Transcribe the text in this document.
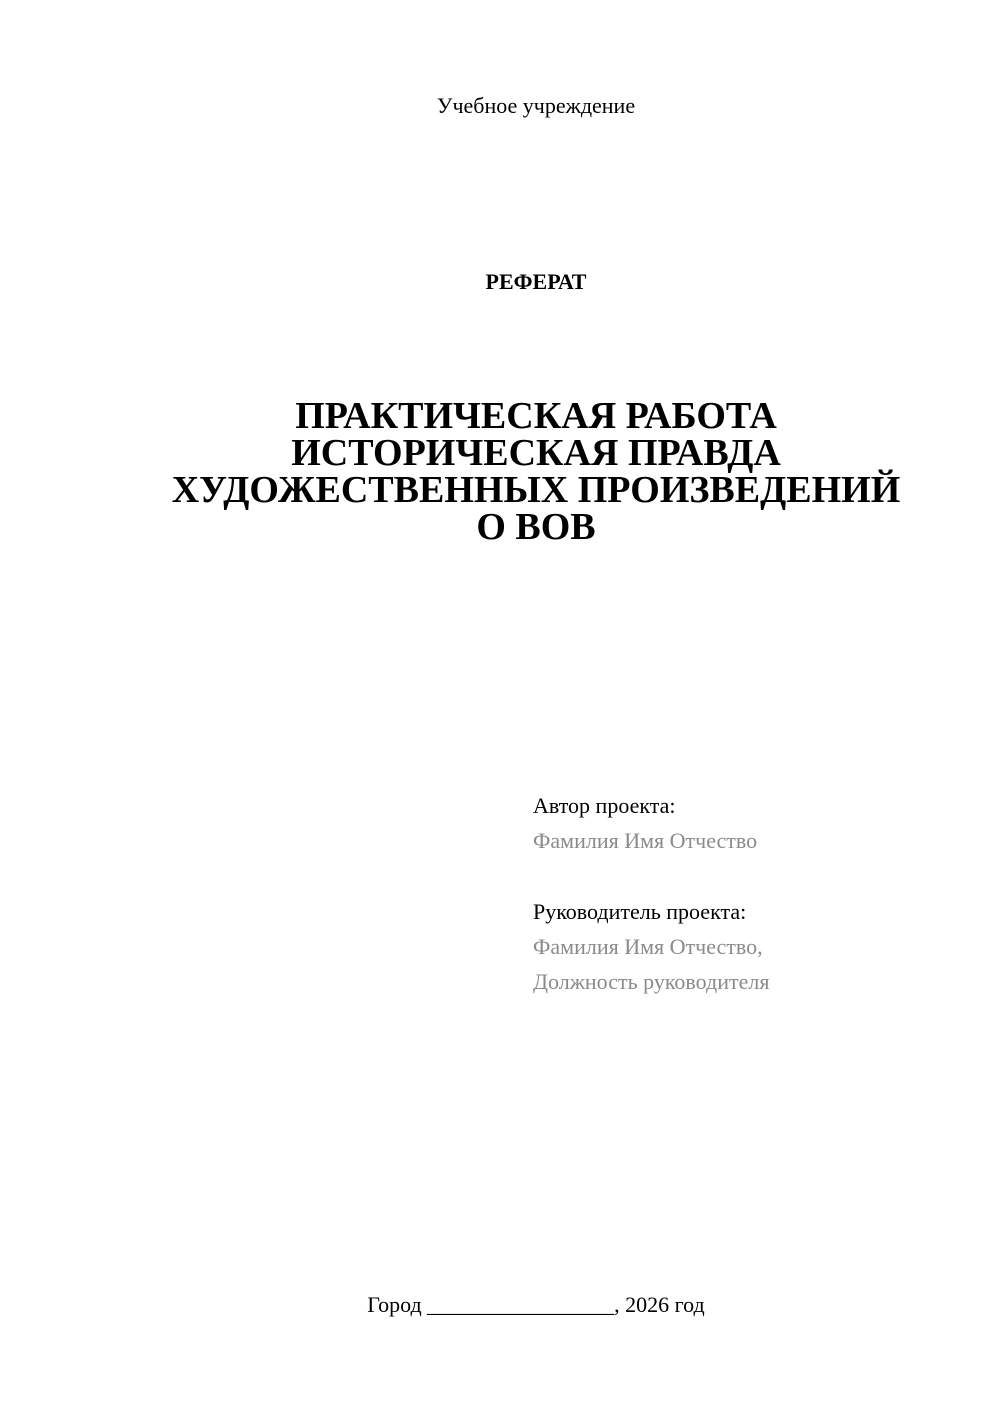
Учебное учреждение
РЕФЕРАТ
ПРАКТИЧЕСКАЯ РАБОТА
ИСТОРИЧЕСКАЯ ПРАВДА
ХУДОЖЕСТВЕННЫХ ПРОИЗВЕДЕНИЙ
О ВОВ
Автор проекта:
Фамилия Имя Отчество
Руководитель проекта:
Фамилия Имя Отчество,
Должность руководителя
Город _________________, 2026 год
